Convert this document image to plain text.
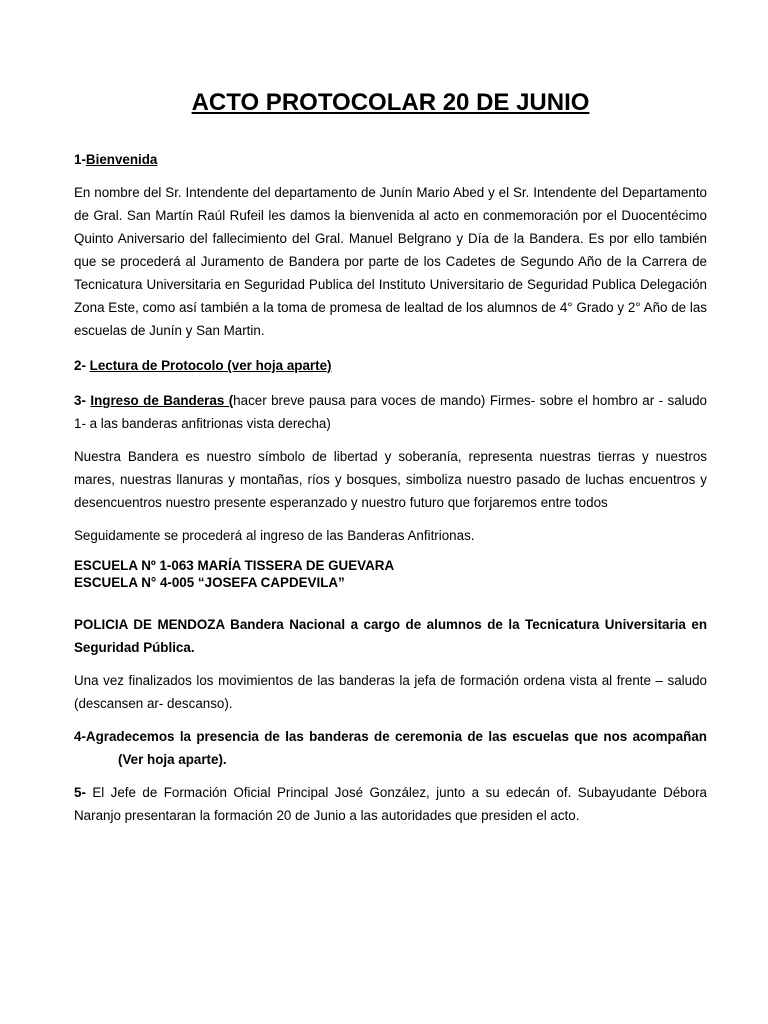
ACTO PROTOCOLAR 20 DE JUNIO

1-Bienvenida

En nombre del Sr. Intendente del departamento de Junín Mario Abed y el Sr. Intendente del Departamento de Gral. San Martín Raúl Rufeil les damos la bienvenida al acto en conmemoración por el Duocentécimo Quinto Aniversario del fallecimiento del Gral. Manuel Belgrano y Día de la Bandera. Es por ello también que se procederá al Juramento de Bandera por parte de los Cadetes de Segundo Año de la Carrera de Tecnicatura Universitaria en Seguridad Publica del Instituto Universitario de Seguridad Publica Delegación Zona Este, como así también a la toma de promesa de lealtad de los alumnos de 4° Grado y 2° Año de las escuelas de Junín y San Martin.

2- Lectura de Protocolo (ver hoja aparte)

3- Ingreso de Banderas (hacer breve pausa para voces de mando) Firmes- sobre el hombro ar - saludo 1- a las banderas anfitrionas vista derecha)

Nuestra Bandera es nuestro símbolo de libertad y soberanía, representa nuestras tierras y nuestros mares, nuestras llanuras y montañas, ríos y bosques, simboliza nuestro pasado de luchas encuentros y desencuentros nuestro presente esperanzado y nuestro futuro que forjaremos entre todos

Seguidamente se procederá al ingreso de las Banderas Anfitrionas.

ESCUELA Nº 1-063 MARÍA TISSERA DE GUEVARA
ESCUELA N° 4-005 “JOSEFA CAPDEVILA”

POLICIA DE MENDOZA Bandera Nacional a cargo de alumnos de la Tecnicatura Universitaria en Seguridad Pública.

Una vez finalizados los movimientos de las banderas la jefa de formación ordena vista al frente – saludo (descansen ar- descanso).

4-Agradecemos la presencia de las banderas de ceremonia de las escuelas que nos acompañan(Ver hoja aparte).

5- El Jefe de Formación Oficial Principal José González, junto a su edecán of. Subayudante Débora Naranjo presentaran la formación 20 de Junio a las autoridades que presiden el acto.
